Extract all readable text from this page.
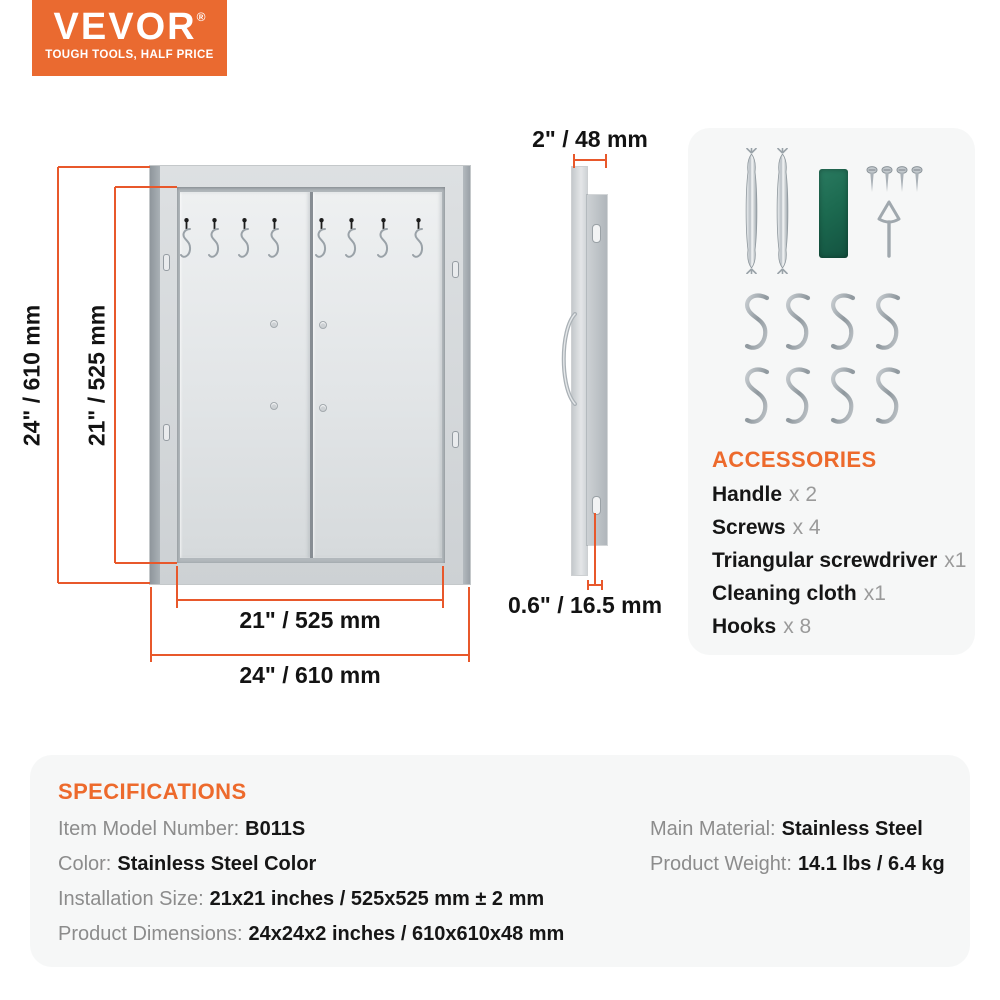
VEVOR®
TOUGH TOOLS, HALF PRICE
24" / 610 mm 21" / 525 mm
21" / 525 mm
24" / 610 mm
2" / 48 mm
0.6" / 16.5 mm
ACCESSORIES
Handle x 2
Screws x 4
Triangular screwdriver x1
Cleaning cloth x1
Hooks x 8
SPECIFICATIONS
Item Model Number: B011S
Color: Stainless Steel Color
Installation Size: 21x21 inches / 525x525 mm ± 2 mm
Product Dimensions: 24x24x2 inches / 610x610x48 mm
Main Material: Stainless Steel
Product Weight: 14.1 lbs / 6.4 kg
